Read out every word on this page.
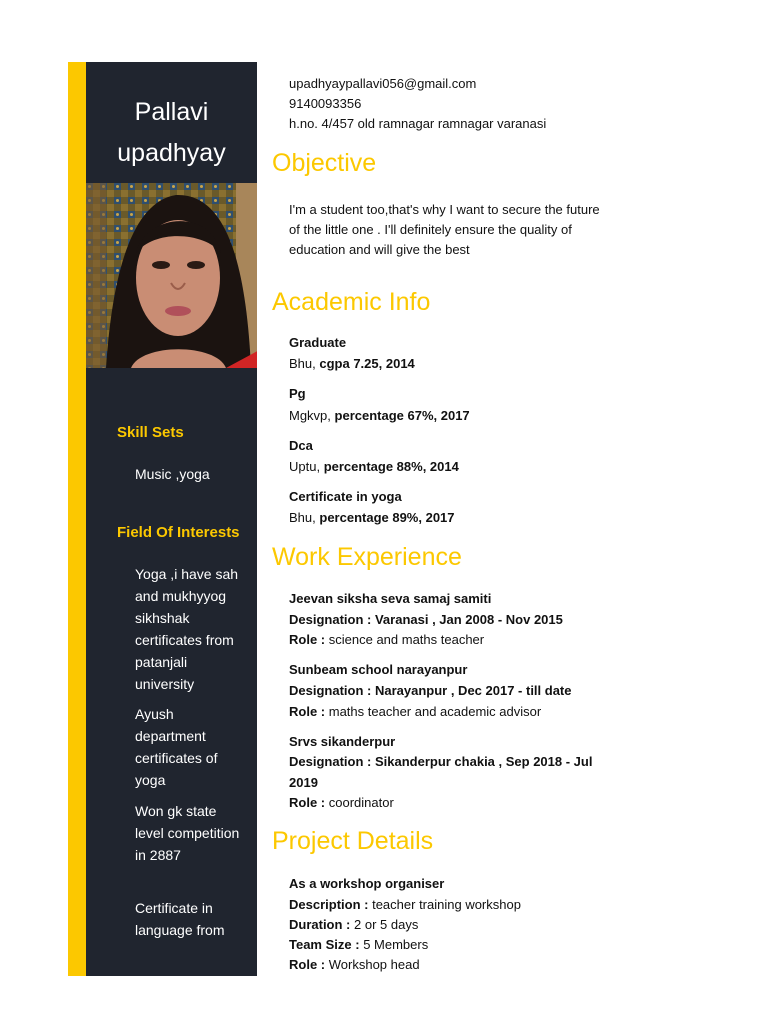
Pallavi
upadhyay
Skill Sets
Music ,yoga
Field Of Interests
Yoga ,i have sah and mukhyyog sikhshak certificates from patanjali university
Ayush department certificates of yoga
Won gk state level competition in 2887
Certificate in language from
upadhyaypallavi056@gmail.com
9140093356
h.no. 4/457 old ramnagar ramnagar varanasi
Objective
I'm a student too,that's why I want to secure the future of the little one . I'll definitely ensure the quality of education and will give the best
Academic Info
Graduate
Bhu, cgpa 7.25, 2014
Pg
Mgkvp, percentage 67%, 2017
Dca
Uptu, percentage 88%, 2014
Certificate in yoga
Bhu, percentage 89%, 2017
Work Experience
Jeevan siksha seva samaj samiti
Designation : Varanasi , Jan 2008 - Nov 2015
Role : science and maths teacher
Sunbeam school narayanpur
Designation : Narayanpur , Dec 2017 - till date
Role : maths teacher and academic advisor
Srvs sikanderpur
Designation : Sikanderpur chakia , Sep 2018 - Jul
2019
Role : coordinator
Project Details
As a workshop organiser
Description : teacher training workshop
Duration : 2 or 5 days
Team Size : 5 Members
Role : Workshop head
